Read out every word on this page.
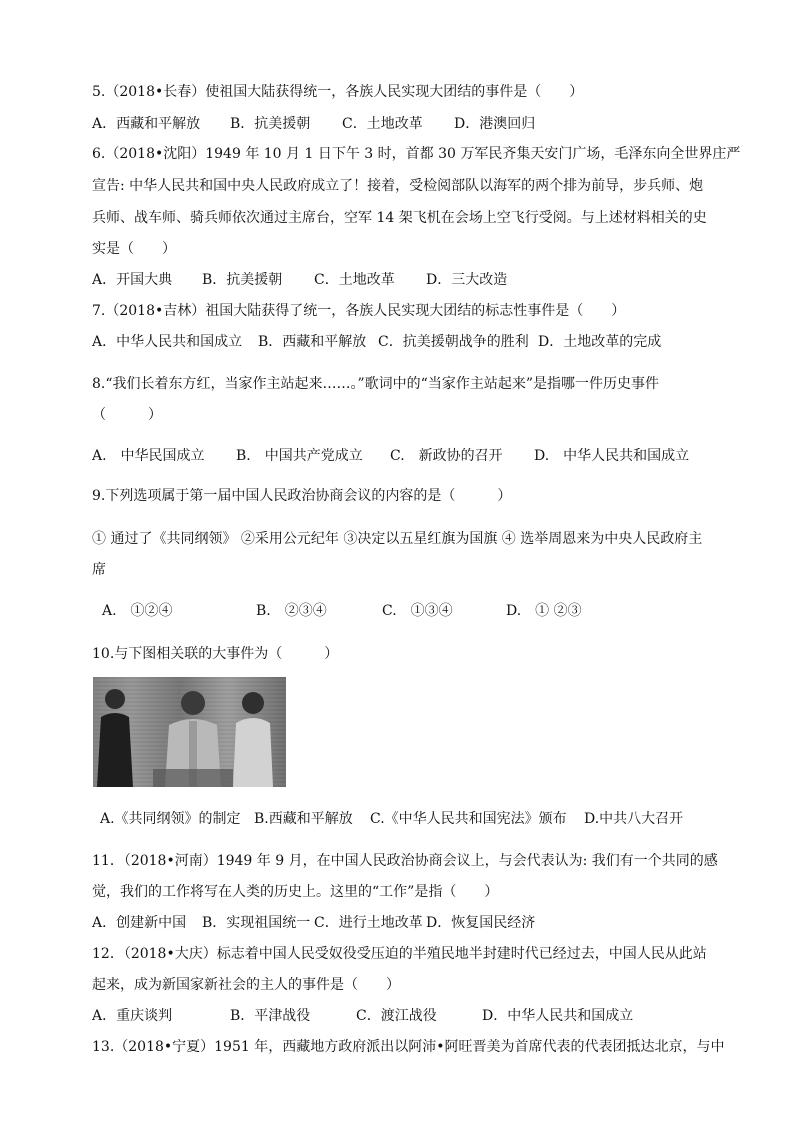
5.（2018•长春）使祖国大陆获得统一，各族人民实现大团结的事件是（　　）
A．西藏和平解放 B．抗美援朝 C．土地改革 D．港澳回归
6.（2018•沈阳）1949 年 10 月 1 日下午 3 时，首都 30 万军民齐集天安门广场，毛泽东向全世界庄严
宣告: 中华人民共和国中央人民政府成立了！接着，受检阅部队以海军的两个排为前导，步兵师、炮
兵师、战车师、骑兵师依次通过主席台，空军 14 架飞机在会场上空飞行受阅。与上述材料相关的史
实是（　　）
A．开国大典 B．抗美援朝 C．土地改革 D．三大改造
7.（2018•吉林）祖国大陆获得了统一，各族人民实现大团结的标志性事件是（　　）
A．中华人民共和国成立 B．西藏和平解放 C．抗美援朝战争的胜利 D．土地改革的完成
8.“我们长着东方红，当家作主站起来……。”歌词中的“当家作主站起来”是指哪一件历史事件
（　　　）
A.　中华民国成立 B.　中国共产党成立 C.　新政协的召开 D.　中华人民共和国成立
9.下列选项属于第一届中国人民政治协商会议的内容的是（　　　）
① 通过了《共同纲领》 ②采用公元纪年 ③决定以五星红旗为国旗 ④ 选举周恩来为中央人民政府主
席
A.　①②④	B.　②③④	C.　①③④	D.　① ②③
10.与下图相关联的大事件为（　　　）
A.《共同纲领》的制定 B.西藏和平解放 C.《中华人民共和国宪法》颁布 D.中共八大召开
11．（2018•河南）1949 年 9 月，在中国人民政治协商会议上，与会代表认为: 我们有一个共同的感
觉，我们的工作将写在人类的历史上。这里的“工作”是指（　　）
A．创建新中国 B．实现祖国统一 C．进行土地改革 D．恢复国民经济
12．（2018•大庆）标志着中国人民受奴役受压迫的半殖民地半封建时代已经过去，中国人民从此站
起来，成为新国家新社会的主人的事件是（　　）
A．重庆谈判	B．平津战役	C．渡江战役	D．中华人民共和国成立
13.（2018•宁夏）1951 年，西藏地方政府派出以阿沛•阿旺晋美为首席代表的代表团抵达北京，与中
